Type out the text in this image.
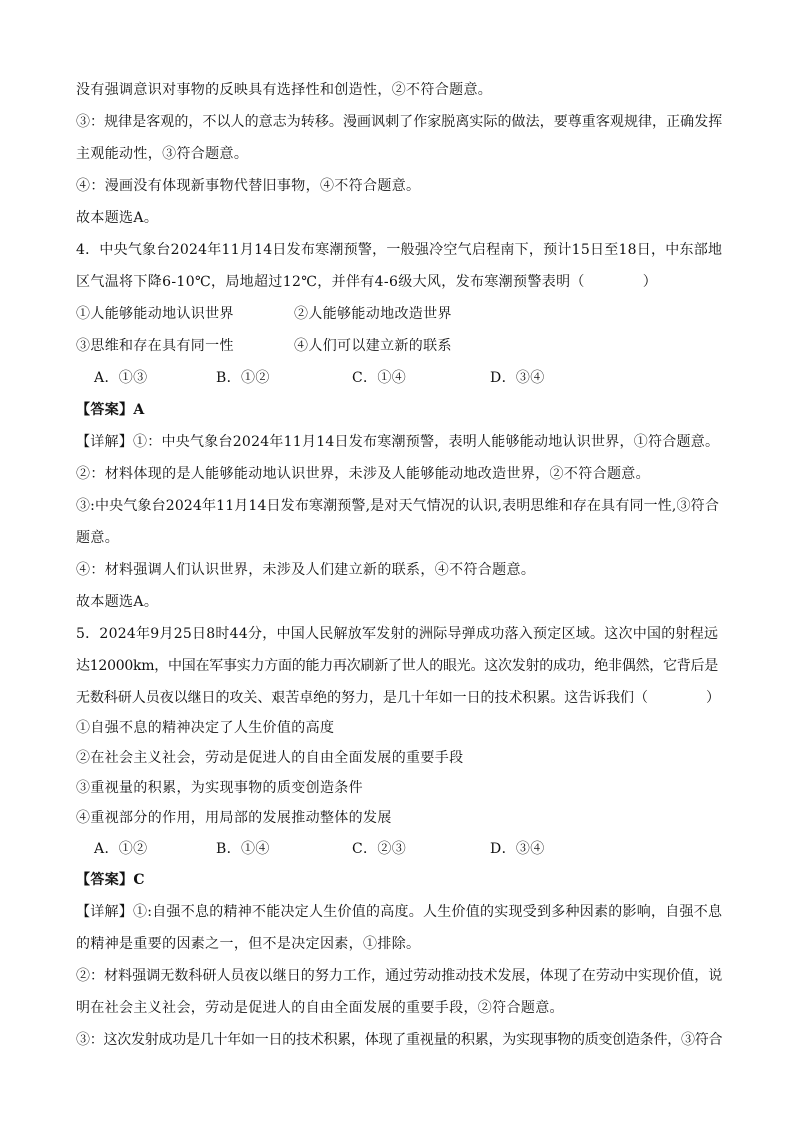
没有强调意识对事物的反映具有选择性和创造性，②不符合题意。
③：规律是客观的，不以人的意志为转移。漫画讽刺了作家脱离实际的做法，要尊重客观规律，正确发挥
主观能动性，③符合题意。
④：漫画没有体现新事物代替旧事物，④不符合题意。
故本题选A。
4．中央气象台2024年11月14日发布寒潮预警，一般强冷空气启程南下，预计15日至18日，中东部地
区气温将下降6-10℃，局地超过12℃，并伴有4-6级大风，发布寒潮预警表明（	）
①人能够能动地认识世界	②人能够能动地改造世界
③思维和存在具有同一性	④人们可以建立新的联系
A．①③	B．①②	C．①④	D．③④
【答案】A
【详解】①：中央气象台2024年11月14日发布寒潮预警，表明人能够能动地认识世界，①符合题意。
②：材料体现的是人能够能动地认识世界，未涉及人能够能动地改造世界，②不符合题意。
③:中央气象台2024年11月14日发布寒潮预警,是对天气情况的认识,表明思维和存在具有同一性,③符合
题意。
④：材料强调人们认识世界，未涉及人们建立新的联系，④不符合题意。
故本题选A。
5．2024年9月25日8时44分，中国人民解放军发射的洲际导弹成功落入预定区域。这次中国的射程远
达12000km，中国在军事实力方面的能力再次刷新了世人的眼光。这次发射的成功，绝非偶然，它背后是
无数科研人员夜以继日的攻关、艰苦卓绝的努力，是几十年如一日的技术积累。这告诉我们（	）
①自强不息的精神决定了人生价值的高度
②在社会主义社会，劳动是促进人的自由全面发展的重要手段
③重视量的积累，为实现事物的质变创造条件
④重视部分的作用，用局部的发展推动整体的发展
A．①②	B．①④	C．②③	D．③④
【答案】C
【详解】①:自强不息的精神不能决定人生价值的高度。人生价值的实现受到多种因素的影响，自强不息
的精神是重要的因素之一，但不是决定因素，①排除。
②：材料强调无数科研人员夜以继日的努力工作，通过劳动推动技术发展，体现了在劳动中实现价值，说
明在社会主义社会，劳动是促进人的自由全面发展的重要手段，②符合题意。
③：这次发射成功是几十年如一日的技术积累，体现了重视量的积累，为实现事物的质变创造条件，③符合
